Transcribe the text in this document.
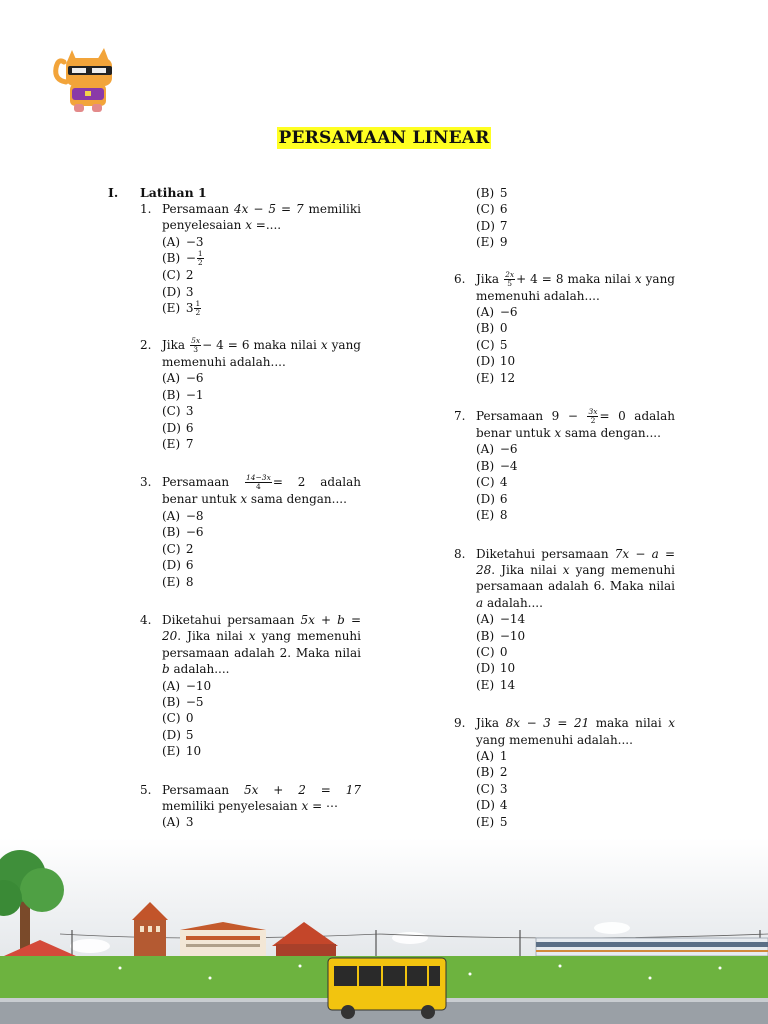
PERSAMAAN LINEAR
I. Latihan 1
1. Persamaan 4x − 5 = 7 memiliki penyelesaian x =....
(A) −3
$(B) - \frac{1}{2}$
(C) 2
(D) 3
(E) $3 \frac{1}{2}$
2. Jika $\frac{5x}{3} - 4 = 6$ maka nilai x yang memenuhi adalah....
(A) −6
(B) −1
(C) 3
(D) 6
(E) 7
3. Persamaan $\frac{14-3x}{4} = 2$ adalah benar untuk x sama dengan....
(A) −8
(B) −6
(C) 2
(D) 6
(E) 8
4. Diketahui persamaan 5x + b = 20. Jika nilai x yang memenuhi persamaan adalah 2. Maka nilai b adalah....
(A) −10
(B) −5
(C) 0
(D) 5
(E) 10
5. Persamaan 5x + 2 = 17 memiliki penyelesaian x = ⋯
(A) 3
(B) 5
(C) 6
(D) 7
(E) 9
6. Jika $\frac{2x}{5} + 4 = 8$ maka nilai x yang memenuhi adalah....
(A) −6
(B) 0
(C) 5
(D) 10
(E) 12
7. Persamaan $9 - \frac{3x}{2} = 0$ adalah benar untuk x sama dengan....
(A) −6
(B) −4
(C) 4
(D) 6
(E) 8
8. Diketahui persamaan 7x − a = 28. Jika nilai x yang memenuhi persamaan adalah 6. Maka nilai a adalah....
(A) −14
(B) −10
(C) 0
(D) 10
(E) 14
9. Jika 8x − 3 = 21 maka nilai x yang memenuhi adalah....
(A) 1
(B) 2
(C) 3
(D) 4
(E) 5
